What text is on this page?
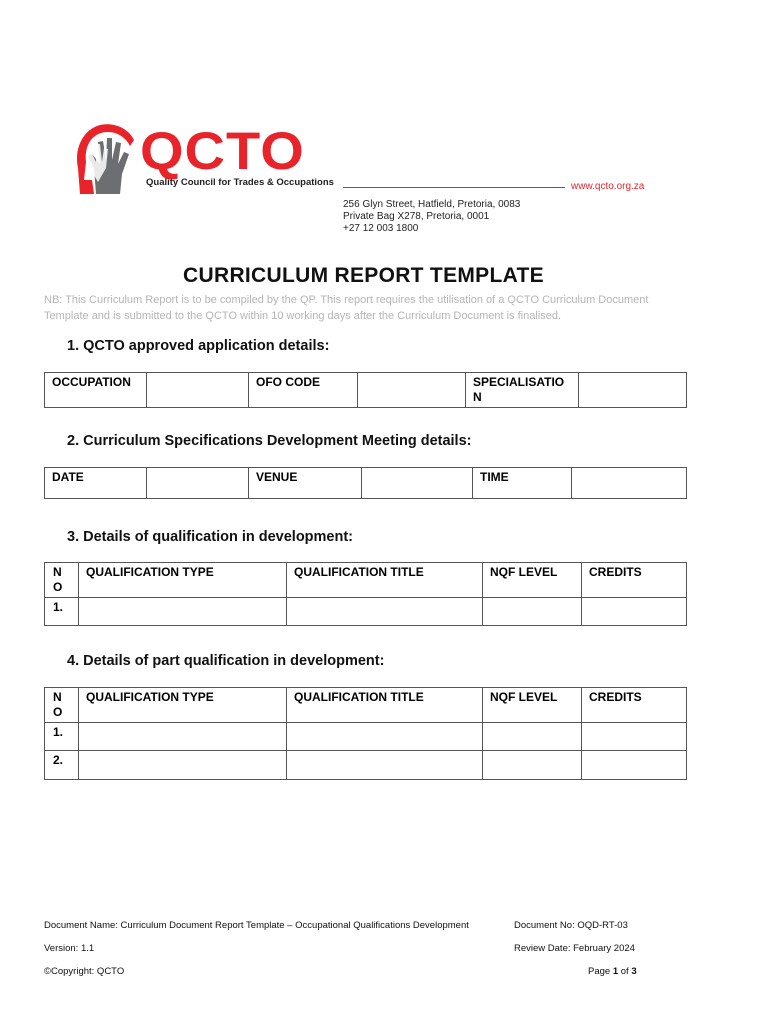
QCTO
Quality Council for Trades & Occupations	www.qcto.org.za
256 Glyn Street, Hatfield, Pretoria, 0083
Private Bag X278, Pretoria, 0001
+27 12 003 1800
CURRICULUM REPORT TEMPLATE
NB: This Curriculum Report is to be compiled by the QP. This report requires the utilisation of a QCTO Curriculum Document Template and is submitted to the QCTO within 10 working days after the Curriculum Document is finalised.
1. QCTO approved application details:
OCCUPATION		OFO CODE		SPECIALISATIO
N	
2. Curriculum Specifications Development Meeting details:
DATE		VENUE		TIME	
3. Details of qualification in development:
N
O	QUALIFICATION TYPE	QUALIFICATION TITLE	NQF LEVEL	CREDITS
1.				
4. Details of part qualification in development:
N
O	QUALIFICATION TYPE	QUALIFICATION TITLE	NQF LEVEL	CREDITS
1.				
2.				
Document Name: Curriculum Document Report Template – Occupational Qualifications Development	Document No: OQD-RT-03
Version: 1.1	Review Date: February 2024
©Copyright: QCTO	Page 1 of 3
